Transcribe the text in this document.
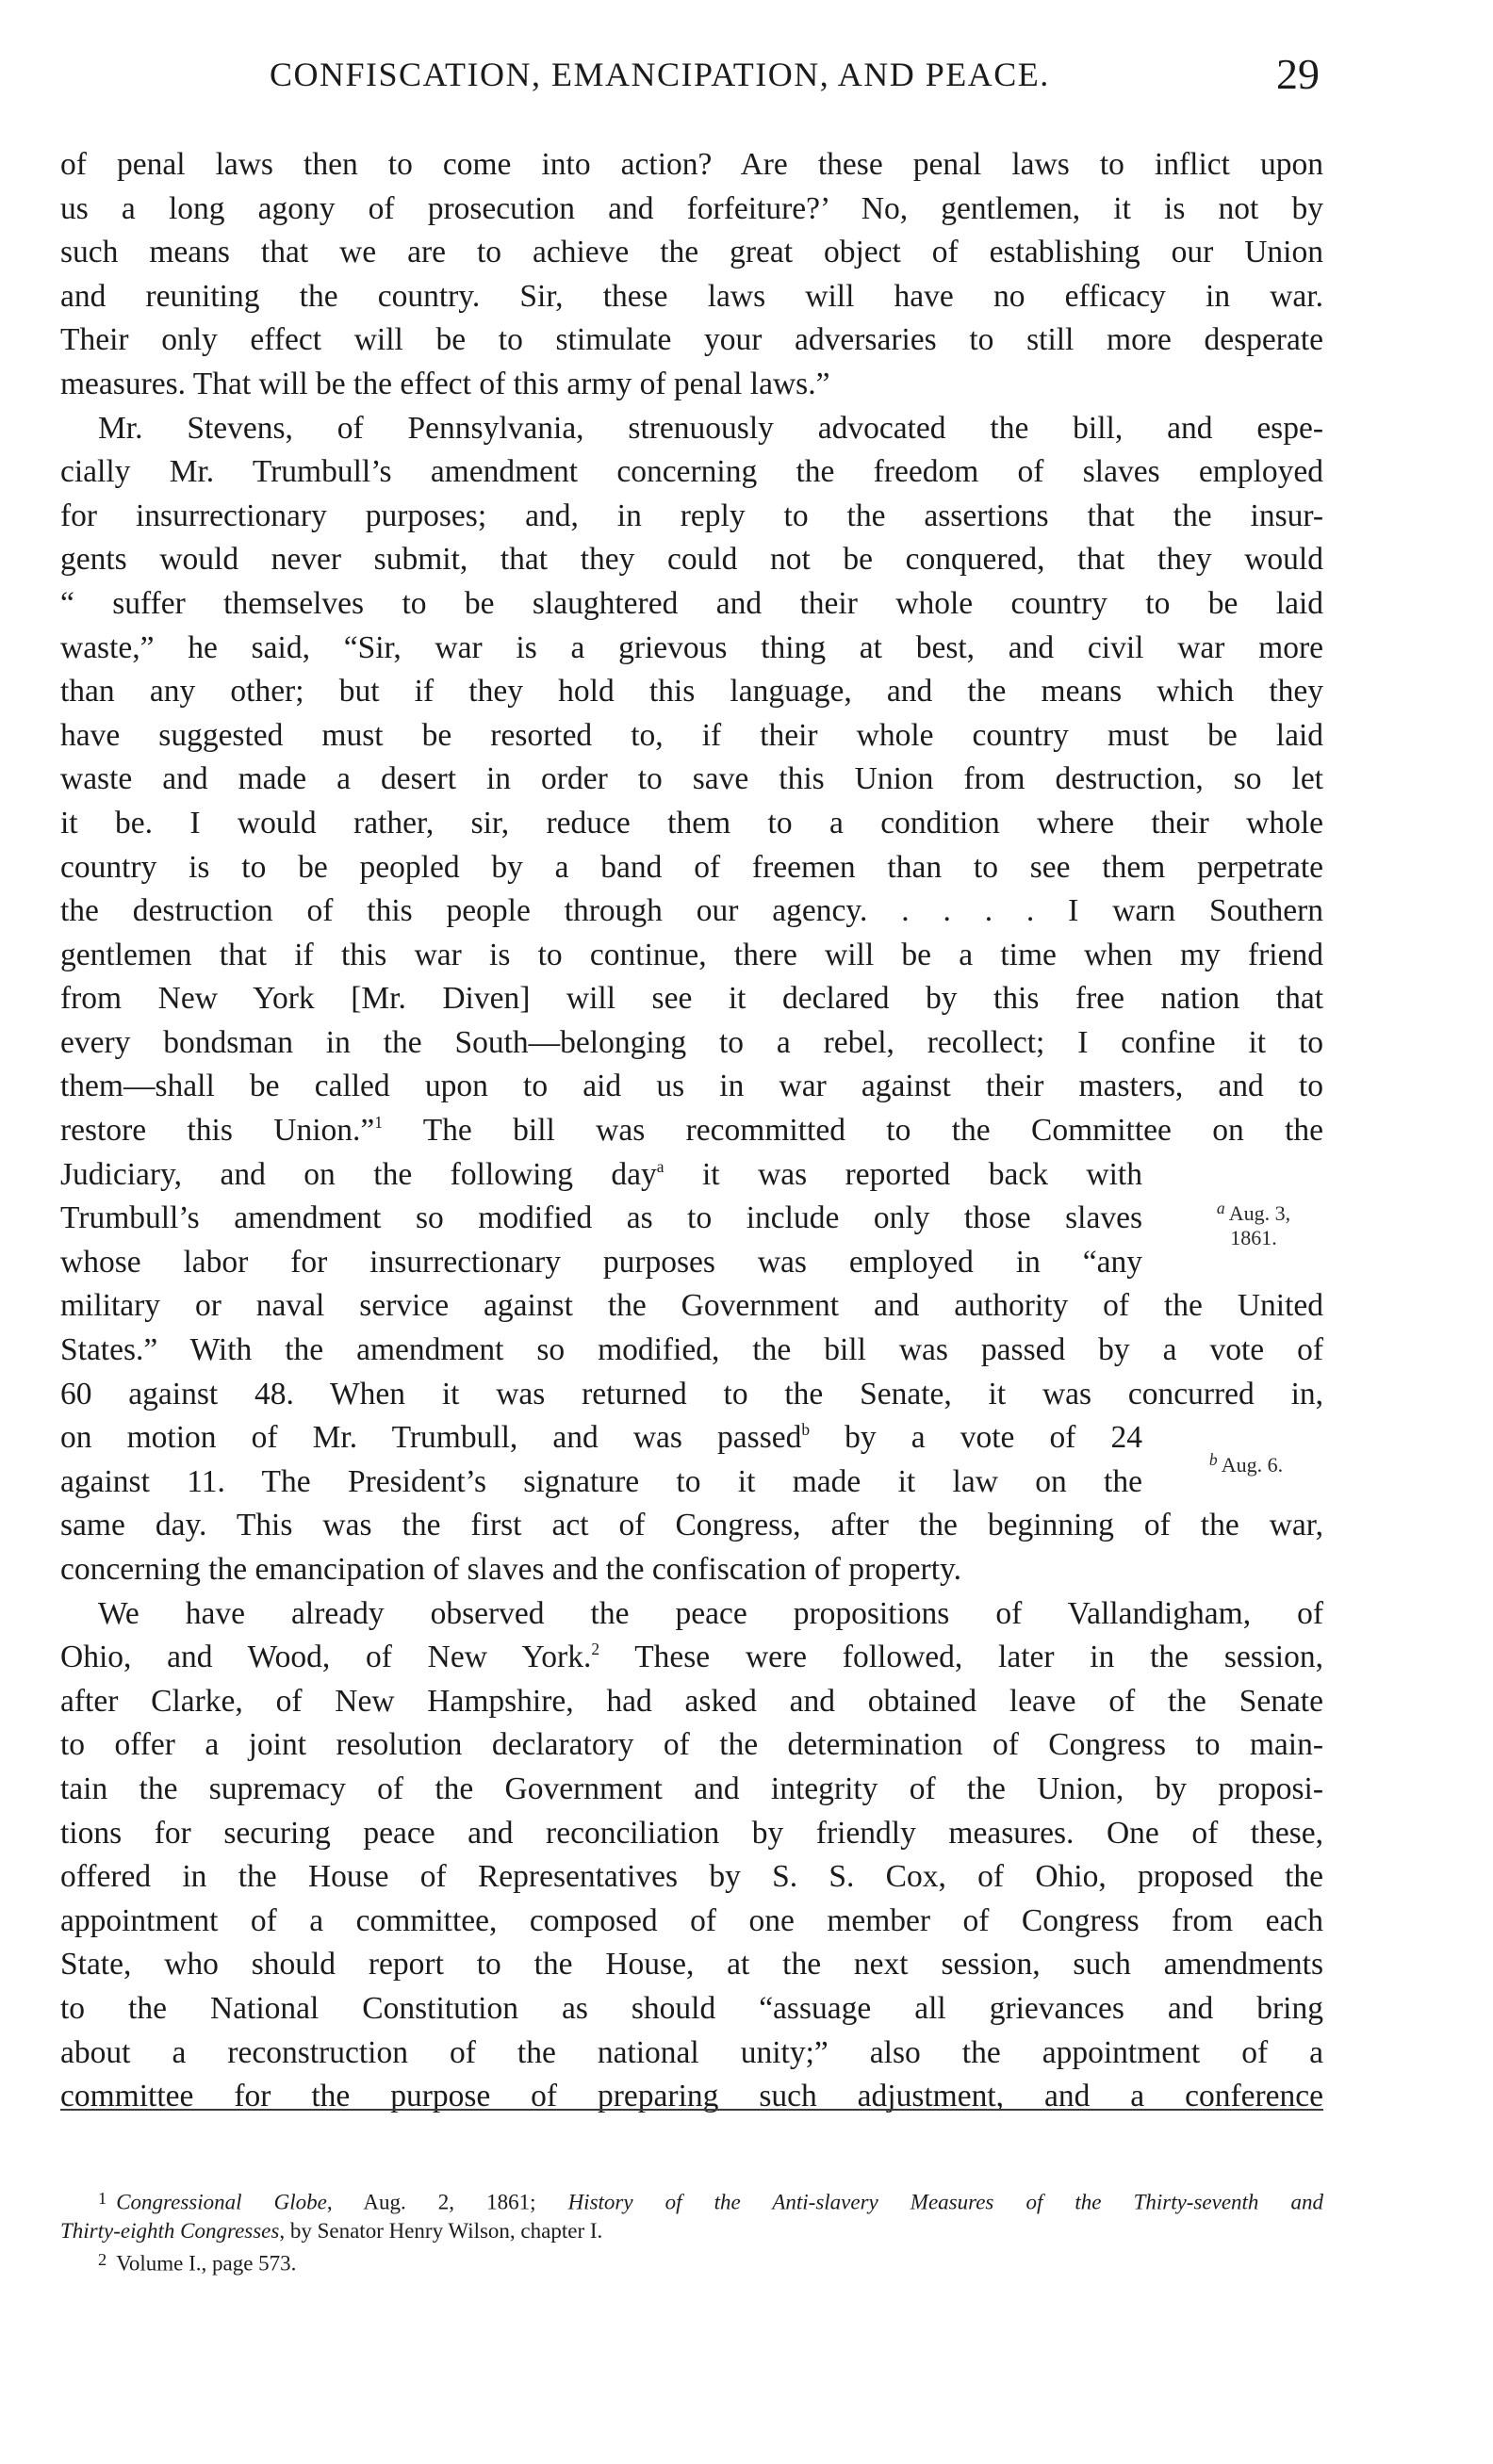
CONFISCATION, EMANCIPATION, AND PEACE.	29
of penal laws then to come into action? Are these penal laws to inflict upon
us a long agony of prosecution and forfeiture?’ No, gentlemen, it is not by
such means that we are to achieve the great object of establishing our Union
and reuniting the country. Sir, these laws will have no efficacy in war.
Their only effect will be to stimulate your adversaries to still more desperate
measures. That will be the effect of this army of penal laws.”
Mr. Stevens, of Pennsylvania, strenuously advocated the bill, and espe-
cially Mr. Trumbull’s amendment concerning the freedom of slaves employed
for insurrectionary purposes; and, in reply to the assertions that the insur-
gents would never submit, that they could not be conquered, that they would
“ suffer themselves to be slaughtered and their whole country to be laid
waste,” he said, “Sir, war is a grievous thing at best, and civil war more
than any other; but if they hold this language, and the means which they
have suggested must be resorted to, if their whole country must be laid
waste and made a desert in order to save this Union from destruction, so let
it be. I would rather, sir, reduce them to a condition where their whole
country is to be peopled by a band of freemen than to see them perpetrate
the destruction of this people through our agency. . . . . I warn Southern
gentlemen that if this war is to continue, there will be a time when my friend
from New York [Mr. Diven] will see it declared by this free nation that
every bondsman in the South—belonging to a rebel, recollect; I confine it to
them—shall be called upon to aid us in war against their masters, and to
restore this Union.”$^1$ The bill was recommitted to the Committee on the
Judiciary, and on the following day$^a$ it was reported back with
Trumbull’s amendment so modified as to include only those slaves
whose labor for insurrectionary purposes was employed in “any
military or naval service against the Government and authority of the United
States.” With the amendment so modified, the bill was passed by a vote of
60 against 48. When it was returned to the Senate, it was concurred in,
on motion of Mr. Trumbull, and was passed$^b$ by a vote of 24
against 11. The President’s signature to it made it law on the
same day. This was the first act of Congress, after the beginning of the war,
concerning the emancipation of slaves and the confiscation of property.
We have already observed the peace propositions of Vallandigham, of
Ohio, and Wood, of New York.$^2$ These were followed, later in the session,
after Clarke, of New Hampshire, had asked and obtained leave of the Senate
to offer a joint resolution declaratory of the determination of Congress to main-
tain the supremacy of the Government and integrity of the Union, by proposi-
tions for securing peace and reconciliation by friendly measures. One of these,
offered in the House of Representatives by S. S. Cox, of Ohio, proposed the
appointment of a committee, composed of one member of Congress from each
State, who should report to the House, at the next session, such amendments
to the National Constitution as should “assuage all grievances and bring
about a reconstruction of the national unity;” also the appointment of a
committee for the purpose of preparing such adjustment, and a conference
$^a$ Aug. 3,
1861.
$^b$ Aug. 6.
$^1$ Congressional Globe, Aug. 2, 1861; History of the Anti-slavery Measures of the Thirty-seventh and
Thirty-eighth Congresses, by Senator Henry Wilson, chapter I.
$^2$ Volume I., page 573.
